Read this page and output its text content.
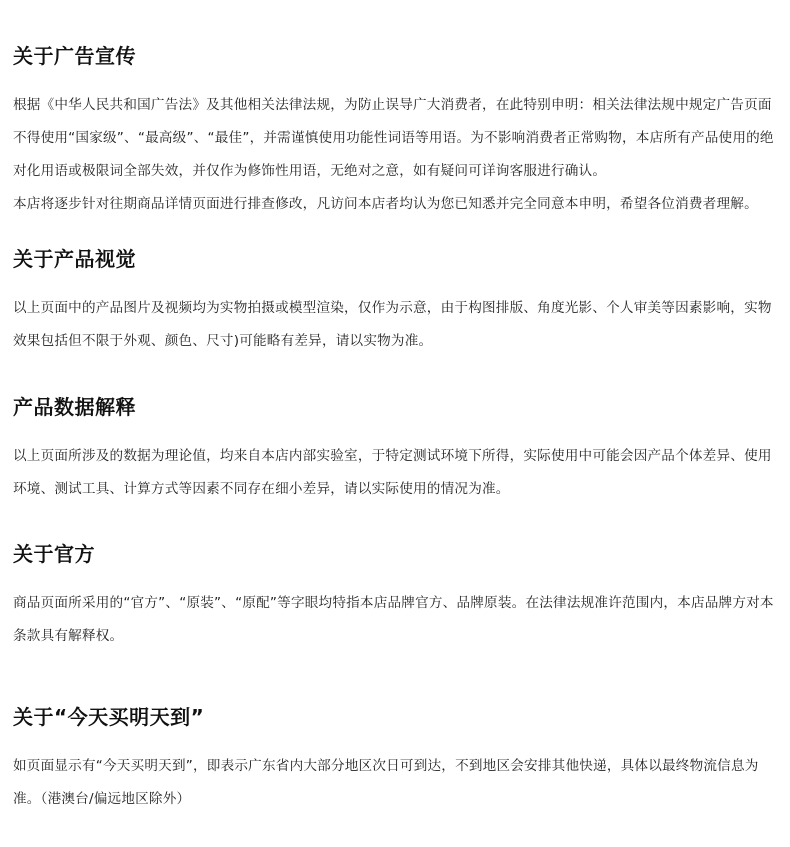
关于广告宣传

根据《中华人民共和国广告法》及其他相关法律法规，为防止误导广大消费者，在此特别申明：相关法律法规中规定广告页面不得使用“国家级”、“最高级”、“最佳”，并需谨慎使用功能性词语等用语。为不影响消费者正常购物，本店所有产品使用的绝对化用语或极限词全部失效，并仅作为修饰性用语，无绝对之意，如有疑问可详询客服进行确认。

本店将逐步针对往期商品详情页面进行排查修改，凡访问本店者均认为您已知悉并完全同意本申明，希望各位消费者理解。

关于产品视觉

以上页面中的产品图片及视频均为实物拍摄或模型渲染，仅作为示意，由于构图排版、角度光影、个人审美等因素影响，实物效果包括但不限于外观、颜色、尺寸)可能略有差异，请以实物为准。

产品数据解释

以上页面所涉及的数据为理论值，均来自本店内部实验室，于特定测试环境下所得，实际使用中可能会因产品个体差异、使用环境、测试工具、计算方式等因素不同存在细小差异，请以实际使用的情况为准。

关于官方

商品页面所采用的“官方”、“原装”、“原配”等字眼均特指本店品牌官方、品牌原装。在法律法规准许范围内，本店品牌方对本条款具有解释权。

关于“今天买明天到”

如页面显示有“今天买明天到”，即表示广东省内大部分地区次日可到达，不到地区会安排其他快递，具体以最终物流信息为准。（港澳台/偏远地区除外）
